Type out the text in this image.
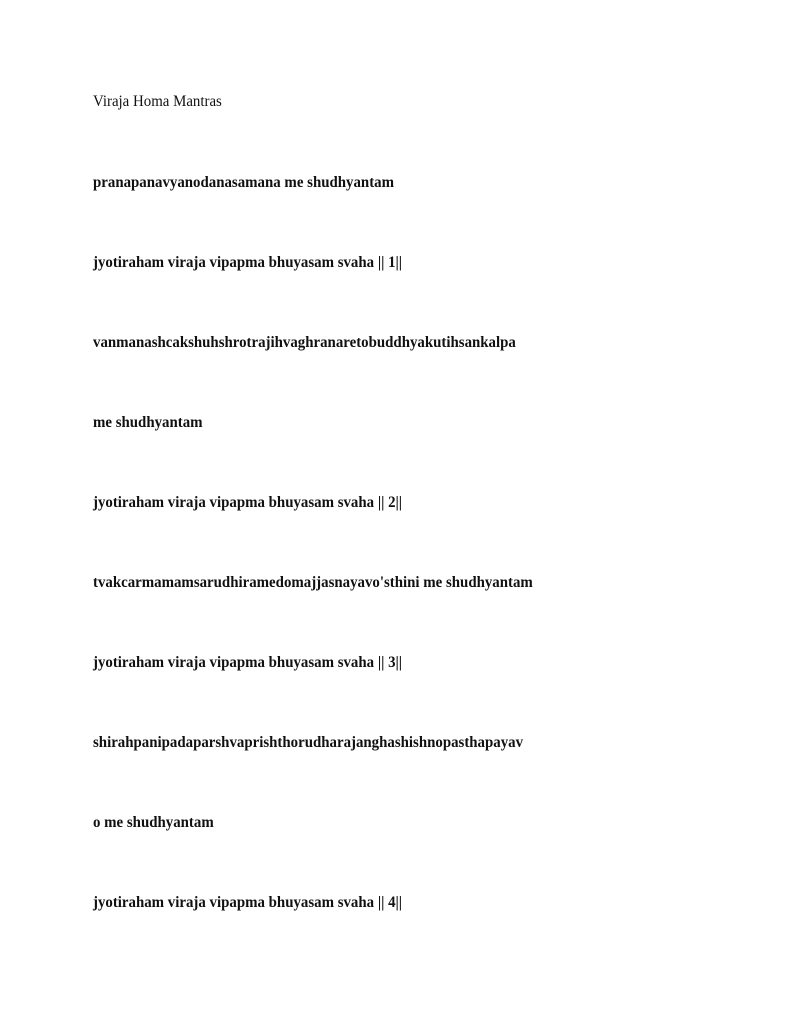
Viraja Homa Mantras

pranapanavyanodanasamana me shudhyantam

jyotiraham viraja vipapma bhuyasam svaha || 1||

vanmanashcakshuhshrotrajihvaghranaretobuddhyakutihsankalpa

me shudhyantam

jyotiraham viraja vipapma bhuyasam svaha || 2||

tvakcarmamamsarudhiramedomajjasnayavo'sthini me shudhyantam

jyotiraham viraja vipapma bhuyasam svaha || 3||

shirahpanipadaparshvaprishthorudharajanghashishnopasthapayav

o me shudhyantam

jyotiraham viraja vipapma bhuyasam svaha || 4||
